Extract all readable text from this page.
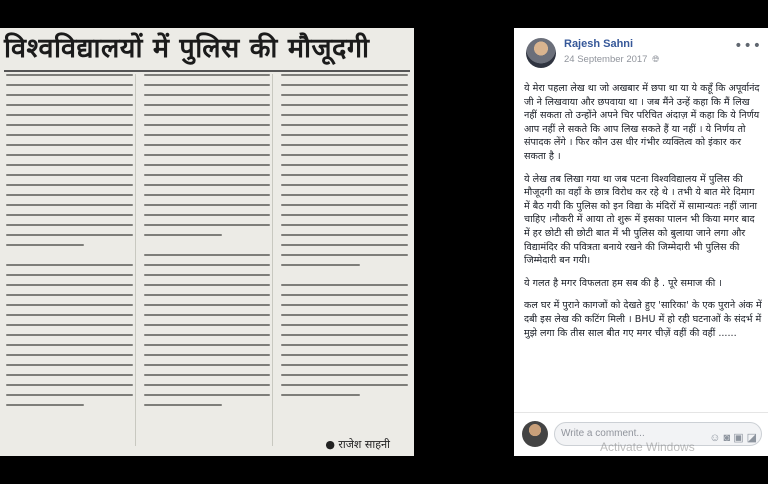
विश्वविद्यालयों में पुलिस की मौजूदगी
● राजेश साहनी
Rajesh Sahni
24 September 2017 🌐︎
•••

ये मेरा पहला लेख था जो अखबार में छपा था या ये कहूँ कि अपूर्वानंद जी ने लिखवाया और छपवाया था । जब मैंने उन्हें कहा कि मैं लिख नहीं सकता तो उन्होंने अपने चिर परिचित अंदाज़ में कहा कि ये निर्णय आप नहीं ले सकते कि आप लिख सकते हैं या नहीं । ये निर्णय तो संपादक लेंगे । फिर कौन उस धीर गंभीर व्यक्तित्व को इंकार कर सकता है ।

ये लेख तब लिखा गया था जब पटना विश्वविद्यालय में पुलिस की मौजूदगी का वहाँ के छात्र विरोध कर रहे थे । तभी ये बात मेरे दिमाग में बैठ गयी कि पुलिस को इन विद्या के मंदिरों में सामान्यतः नहीं जाना चाहिए ।नौकरी में आया तो शुरू में इसका पालन भी किया मगर बाद में हर छोटी सी छोटी बात में भी पुलिस को बुलाया जाने लगा और विद्यामंदिर की पवित्रता बनाये रखने की जिम्मेदारी भी पुलिस की जिम्मेदारी बन गयी।

ये गलत है मगर विफलता हम सब की है . पूरे समाज की ।

कल घर में पुराने कागजों को देखते हुए 'सारिका' के एक पुराने अंक में दबी इस लेख की कटिंग मिली । BHU में हो रही घटनाओं के संदर्भ में मुझे लगा कि तीस साल बीत गए मगर चीज़ें वहीं की वहीं ......

Write a comment...	☺ ◙ ▣ ◪
Activate Windows
